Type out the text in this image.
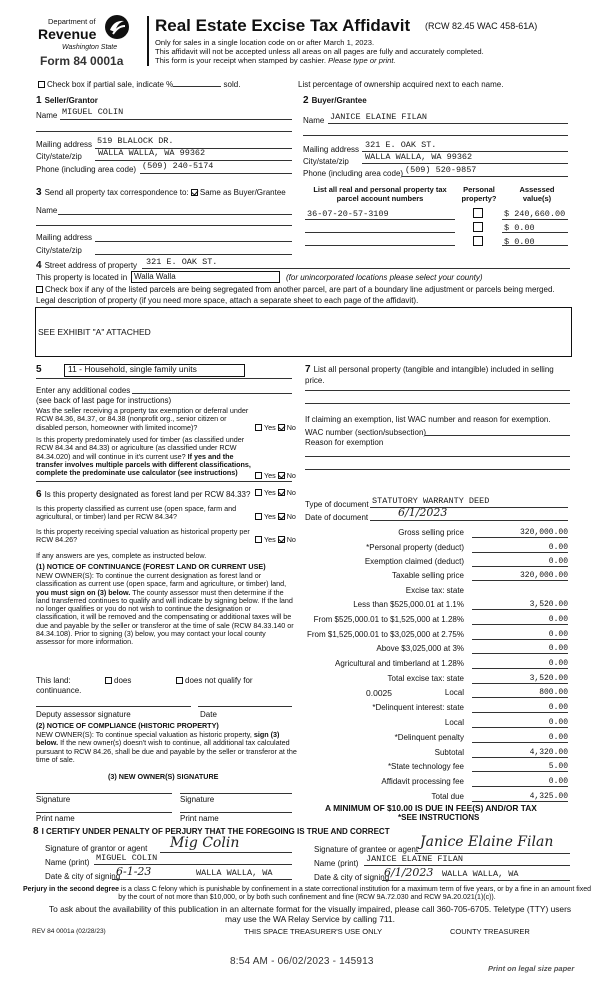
Department of
Revenue
Washington State
Form 84 0001a
Real Estate Excise Tax Affidavit (RCW 82.45 WAC 458-61A)
Only for sales in a single location code on or after March 1, 2023.
This affidavit will not be accepted unless all areas on all pages are fully and accurately completed.
This form is your receipt when stamped by cashier. Please type or print.
Check box if partial sale, indicate %	sold.	List percentage of ownership acquired next to each name.
1 Seller/Grantor
Name MIGUEL COLIN
Mailing address 519 BLALOCK DR.
City/state/zip WALLA WALLA, WA 99362
Phone (including area code) (509) 240-5174
2 Buyer/Grantee
Name JANICE ELAINE FILAN
Mailing address 321 E. OAK ST.
City/state/zip WALLA WALLA, WA 99362
Phone (including area code) (509) 520-9857
3 Send all property tax correspondence to: Same as Buyer/Grantee
Name
Mailing address
City/state/zip
List all real and personal property tax parcel account numbers
Personal property?
Assessed value(s)
36-07-20-57-3109	$ 240,660.00
$ 0.00
$ 0.00
4 Street address of property 321 E. OAK ST.
This property is located in Walla Walla	(for unincorporated locations please select your county)
Check box if any of the listed parcels are being segregated from another parcel, are part of a boundary line adjustment or parcels being merged.
Legal description of property (if you need more space, attach a separate sheet to each page of the affidavit).
SEE EXHIBIT "A" ATTACHED
5	11 - Household, single family units
Enter any additional codes
(see back of last page for instructions)
Was the seller receiving a property tax exemption or deferral under RCW 84.36, 84.37, or 84.38 (nonprofit org., senior citizen or disabled person, homeowner with limited income)?	Yes No
Is this property predominately used for timber (as classified under RCW 84.34 and 84.33) or agriculture (as classified under RCW 84.34.020) and will continue in it's current use? If yes and the transfer involves multiple parcels with different classifications, complete the predominate use calculator (see instructions)	Yes No
7 List all personal property (tangible and intangible) included in selling price.
If claiming an exemption, list WAC number and reason for exemption.
WAC number (section/subsection)
Reason for exemption
6 Is this property designated as forest land per RCW 84.33?	Yes No
Is this property classified as current use (open space, farm and agricultural, or timber) land per RCW 84.34?	Yes No
Is this property receiving special valuation as historical property per RCW 84.26?	Yes No
If any answers are yes, complete as instructed below.
(1) NOTICE OF CONTINUANCE (FOREST LAND OR CURRENT USE)
NEW OWNER(S): To continue the current designation as forest land or classification as current use (open space, farm and agriculture, or timber) land, you must sign on (3) below. The county assessor must then determine if the land transferred continues to qualify and will indicate by signing below. If the land no longer qualifies or you do not wish to continue the designation or classification, it will be removed and the compensating or additional taxes will be due and payable by the seller or transferor at the time of sale (RCW 84.33.140 or 84.34.108). Prior to signing (3) below, you may contact your local county assessor for more information.
This land:	does	does not qualify for
continuance.
Deputy assessor signature	Date
(2) NOTICE OF COMPLIANCE (HISTORIC PROPERTY)
NEW OWNER(S): To continue special valuation as historic property, sign (3) below. If the new owner(s) doesn't wish to continue, all additional tax calculated pursuant to RCW 84.26, shall be due and payable by the seller or transferor at the time of sale.
(3) NEW OWNER(S) SIGNATURE
Signature	Signature
Print name	Print name
Type of document STATUTORY WARRANTY DEED
Date of document	6/1/2023
Gross selling price	320,000.00
*Personal property (deduct)	0.00
Exemption claimed (deduct)	0.00
Taxable selling price	320,000.00
Excise tax: state
Less than $525,000.01 at 1.1%	3,520.00
From $525,000.01 to $1,525,000 at 1.28%	0.00
From $1,525,000.01 to $3,025,000 at 2.75%	0.00
Above $3,025,000 at 3%	0.00
Agricultural and timberland at 1.28%	0.00
Total excise tax: state	3,520.00
0.0025	Local	800.00
*Delinquent interest: state	0.00
Local	0.00
*Delinquent penalty	0.00
Subtotal	4,320.00
*State technology fee	5.00
Affidavit processing fee	0.00
Total due	4,325.00
A MINIMUM OF $10.00 IS DUE IN FEE(S) AND/OR TAX
*SEE INSTRUCTIONS
8 I CERTIFY UNDER PENALTY OF PERJURY THAT THE FOREGOING IS TRUE AND CORRECT
Signature of grantor or agent Mig Colin
Name (print) MIGUEL COLIN
Date & city of signing
6-1-23	WALLA WALLA, WA
Signature of grantee or agent Janice Elaine Filan
Name (print) JANICE ELAINE FILAN
Date & city of signing
6/1/2023 WALLA WALLA, WA
Perjury in the second degree is a class C felony which is punishable by confinement in a state correctional institution for a maximum term of five years, or by a fine in an amount fixed by the court of not more than $10,000, or by both such confinement and fine (RCW 9A.72.030 and RCW 9A.20.021(1)(c)).
To ask about the availability of this publication in an alternate format for the visually impaired, please call 360-705-6705. Teletype (TTY) users may use the WA Relay Service by calling 711.
REV 84 0001a (02/28/23)	THIS SPACE TREASURER'S USE ONLY	COUNTY TREASURER
8:54 AM - 06/02/2023 - 145913
Print on legal size paper
